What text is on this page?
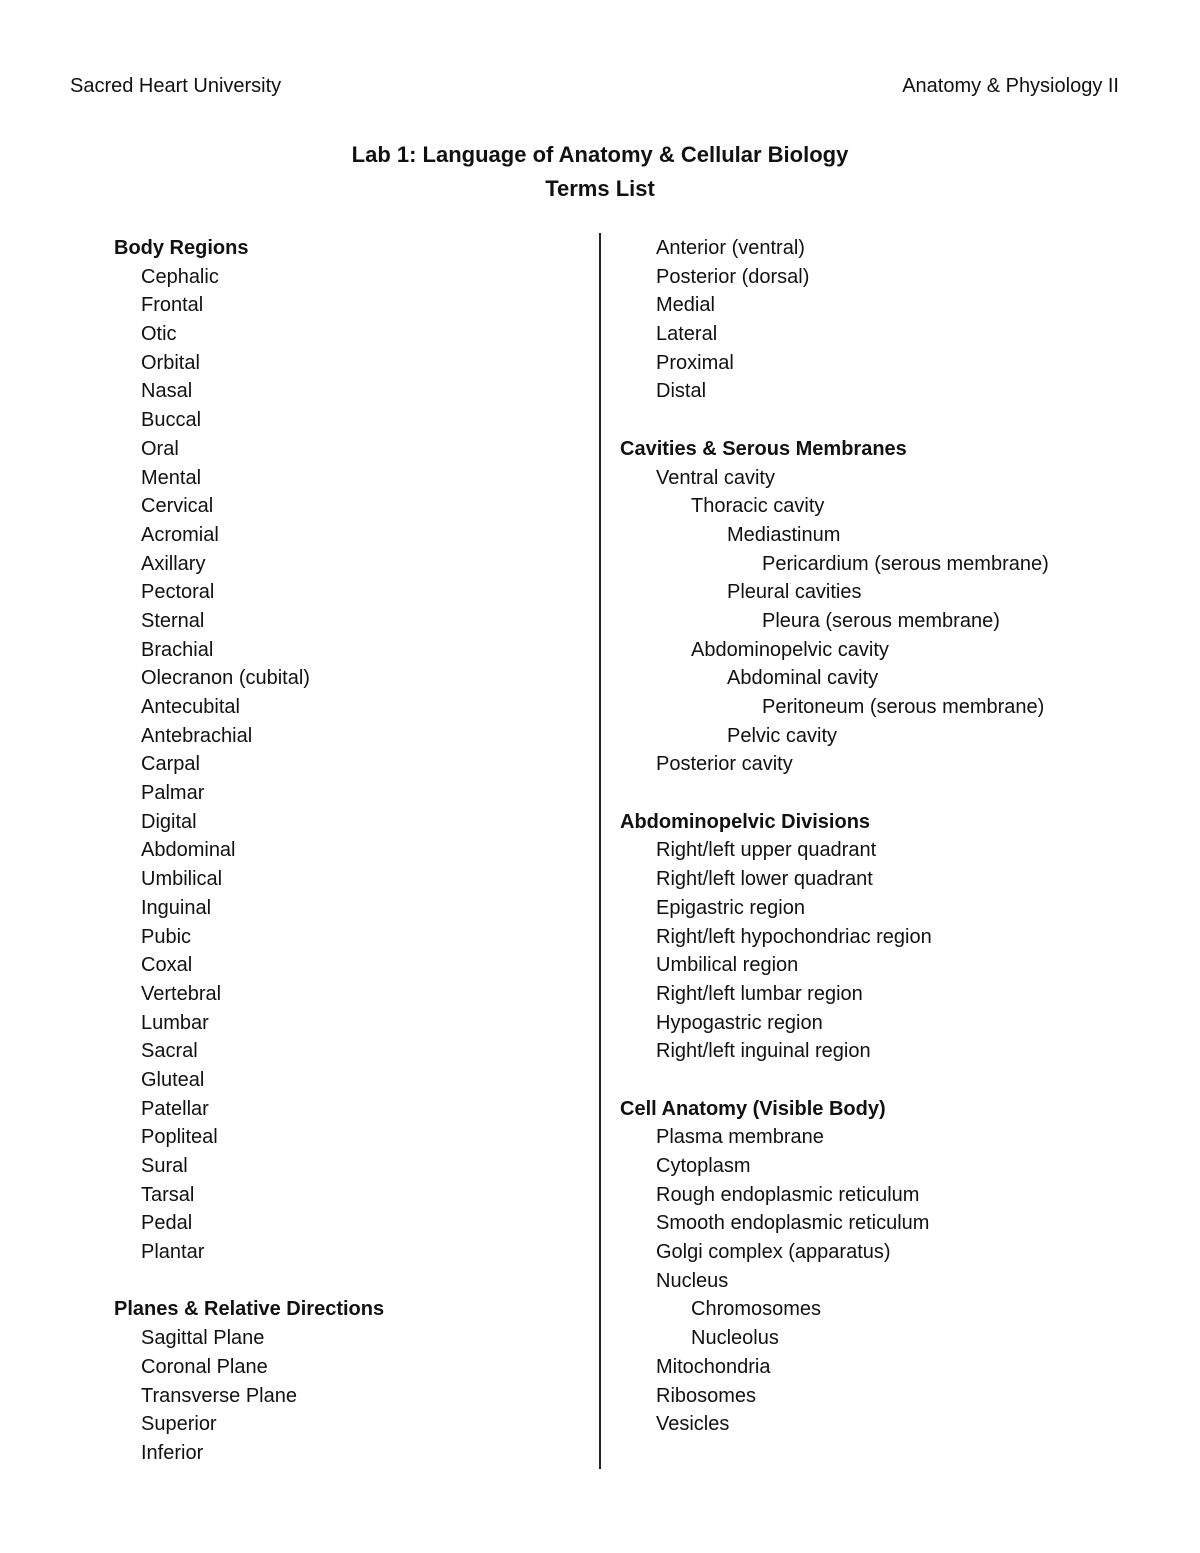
Sacred Heart University	Anatomy & Physiology II
Lab 1: Language of Anatomy & Cellular Biology
Terms List
Body Regions
Cephalic
Frontal
Otic
Orbital
Nasal
Buccal
Oral
Mental
Cervical
Acromial
Axillary
Pectoral
Sternal
Brachial
Olecranon (cubital)
Antecubital
Antebrachial
Carpal
Palmar
Digital
Abdominal
Umbilical
Inguinal
Pubic
Coxal
Vertebral
Lumbar
Sacral
Gluteal
Patellar
Popliteal
Sural
Tarsal
Pedal
Plantar
Planes & Relative Directions
Sagittal Plane
Coronal Plane
Transverse Plane
Superior
Inferior
Anterior (ventral)
Posterior (dorsal)
Medial
Lateral
Proximal
Distal
Cavities & Serous Membranes
Ventral cavity
Thoracic cavity
Mediastinum
Pericardium (serous membrane)
Pleural cavities
Pleura (serous membrane)
Abdominopelvic cavity
Abdominal cavity
Peritoneum (serous membrane)
Pelvic cavity
Posterior cavity
Abdominopelvic Divisions
Right/left upper quadrant
Right/left lower quadrant
Epigastric region
Right/left hypochondriac region
Umbilical region
Right/left lumbar region
Hypogastric region
Right/left inguinal region
Cell Anatomy (Visible Body)
Plasma membrane
Cytoplasm
Rough endoplasmic reticulum
Smooth endoplasmic reticulum
Golgi complex (apparatus)
Nucleus
Chromosomes
Nucleolus
Mitochondria
Ribosomes
Vesicles
